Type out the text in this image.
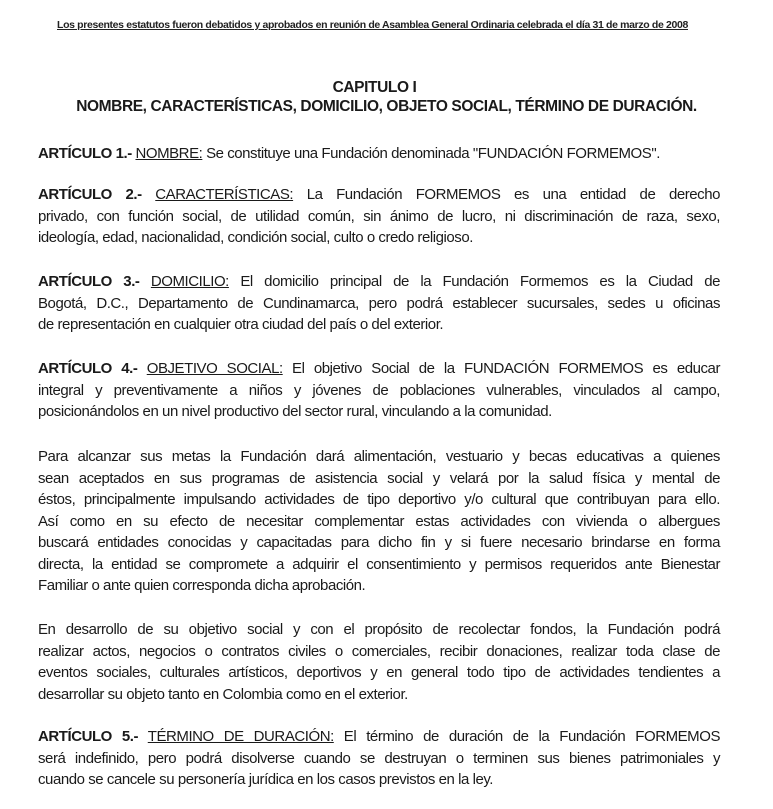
Los presentes estatutos fueron debatidos y aprobados en reunión de Asamblea General Ordinaria celebrada el día 31 de marzo de 2008
CAPITULO I
NOMBRE, CARACTERÍSTICAS, DOMICILIO, OBJETO SOCIAL, TÉRMINO DE DURACIÓN.
ARTÍCULO 1.- NOMBRE: Se constituye una Fundación denominada "FUNDACIÓN FORMEMOS".
ARTÍCULO 2.- CARACTERÍSTICAS: La Fundación FORMEMOS es una entidad de derecho
privado, con función social, de utilidad común, sin ánimo de lucro, ni discriminación de raza, sexo,
ideología, edad, nacionalidad, condición social, culto o credo religioso.
ARTÍCULO 3.- DOMICILIO: El domicilio principal de la Fundación Formemos es la Ciudad de
Bogotá, D.C., Departamento de Cundinamarca, pero podrá establecer sucursales, sedes u oficinas
de representación en cualquier otra ciudad del país o del exterior.
ARTÍCULO 4.- OBJETIVO SOCIAL: El objetivo Social de la FUNDACIÓN FORMEMOS es educar
integral y preventivamente a niños y jóvenes de poblaciones vulnerables, vinculados al campo,
posicionándolos en un nivel productivo del sector rural, vinculando a la comunidad.
Para alcanzar sus metas la Fundación dará alimentación, vestuario y becas educativas a quienes
sean aceptados en sus programas de asistencia social y velará por la salud física y mental de
éstos, principalmente impulsando actividades de tipo deportivo y/o cultural que contribuyan para ello.
Así como en su efecto de necesitar complementar estas actividades con vivienda o albergues
buscará entidades conocidas y capacitadas para dicho fin y si fuere necesario brindarse en forma
directa, la entidad se compromete a adquirir el consentimiento y permisos requeridos ante Bienestar
Familiar o ante quien corresponda dicha aprobación.
En desarrollo de su objetivo social y con el propósito de recolectar fondos, la Fundación podrá
realizar actos, negocios o contratos civiles o comerciales, recibir donaciones, realizar toda clase de
eventos sociales, culturales artísticos, deportivos y en general todo tipo de actividades tendientes a
desarrollar su objeto tanto en Colombia como en el exterior.
ARTÍCULO 5.- TÉRMINO DE DURACIÓN: El término de duración de la Fundación FORMEMOS
será indefinido, pero podrá disolverse cuando se destruyan o terminen sus bienes patrimoniales y
cuando se cancele su personería jurídica en los casos previstos en la ley.
